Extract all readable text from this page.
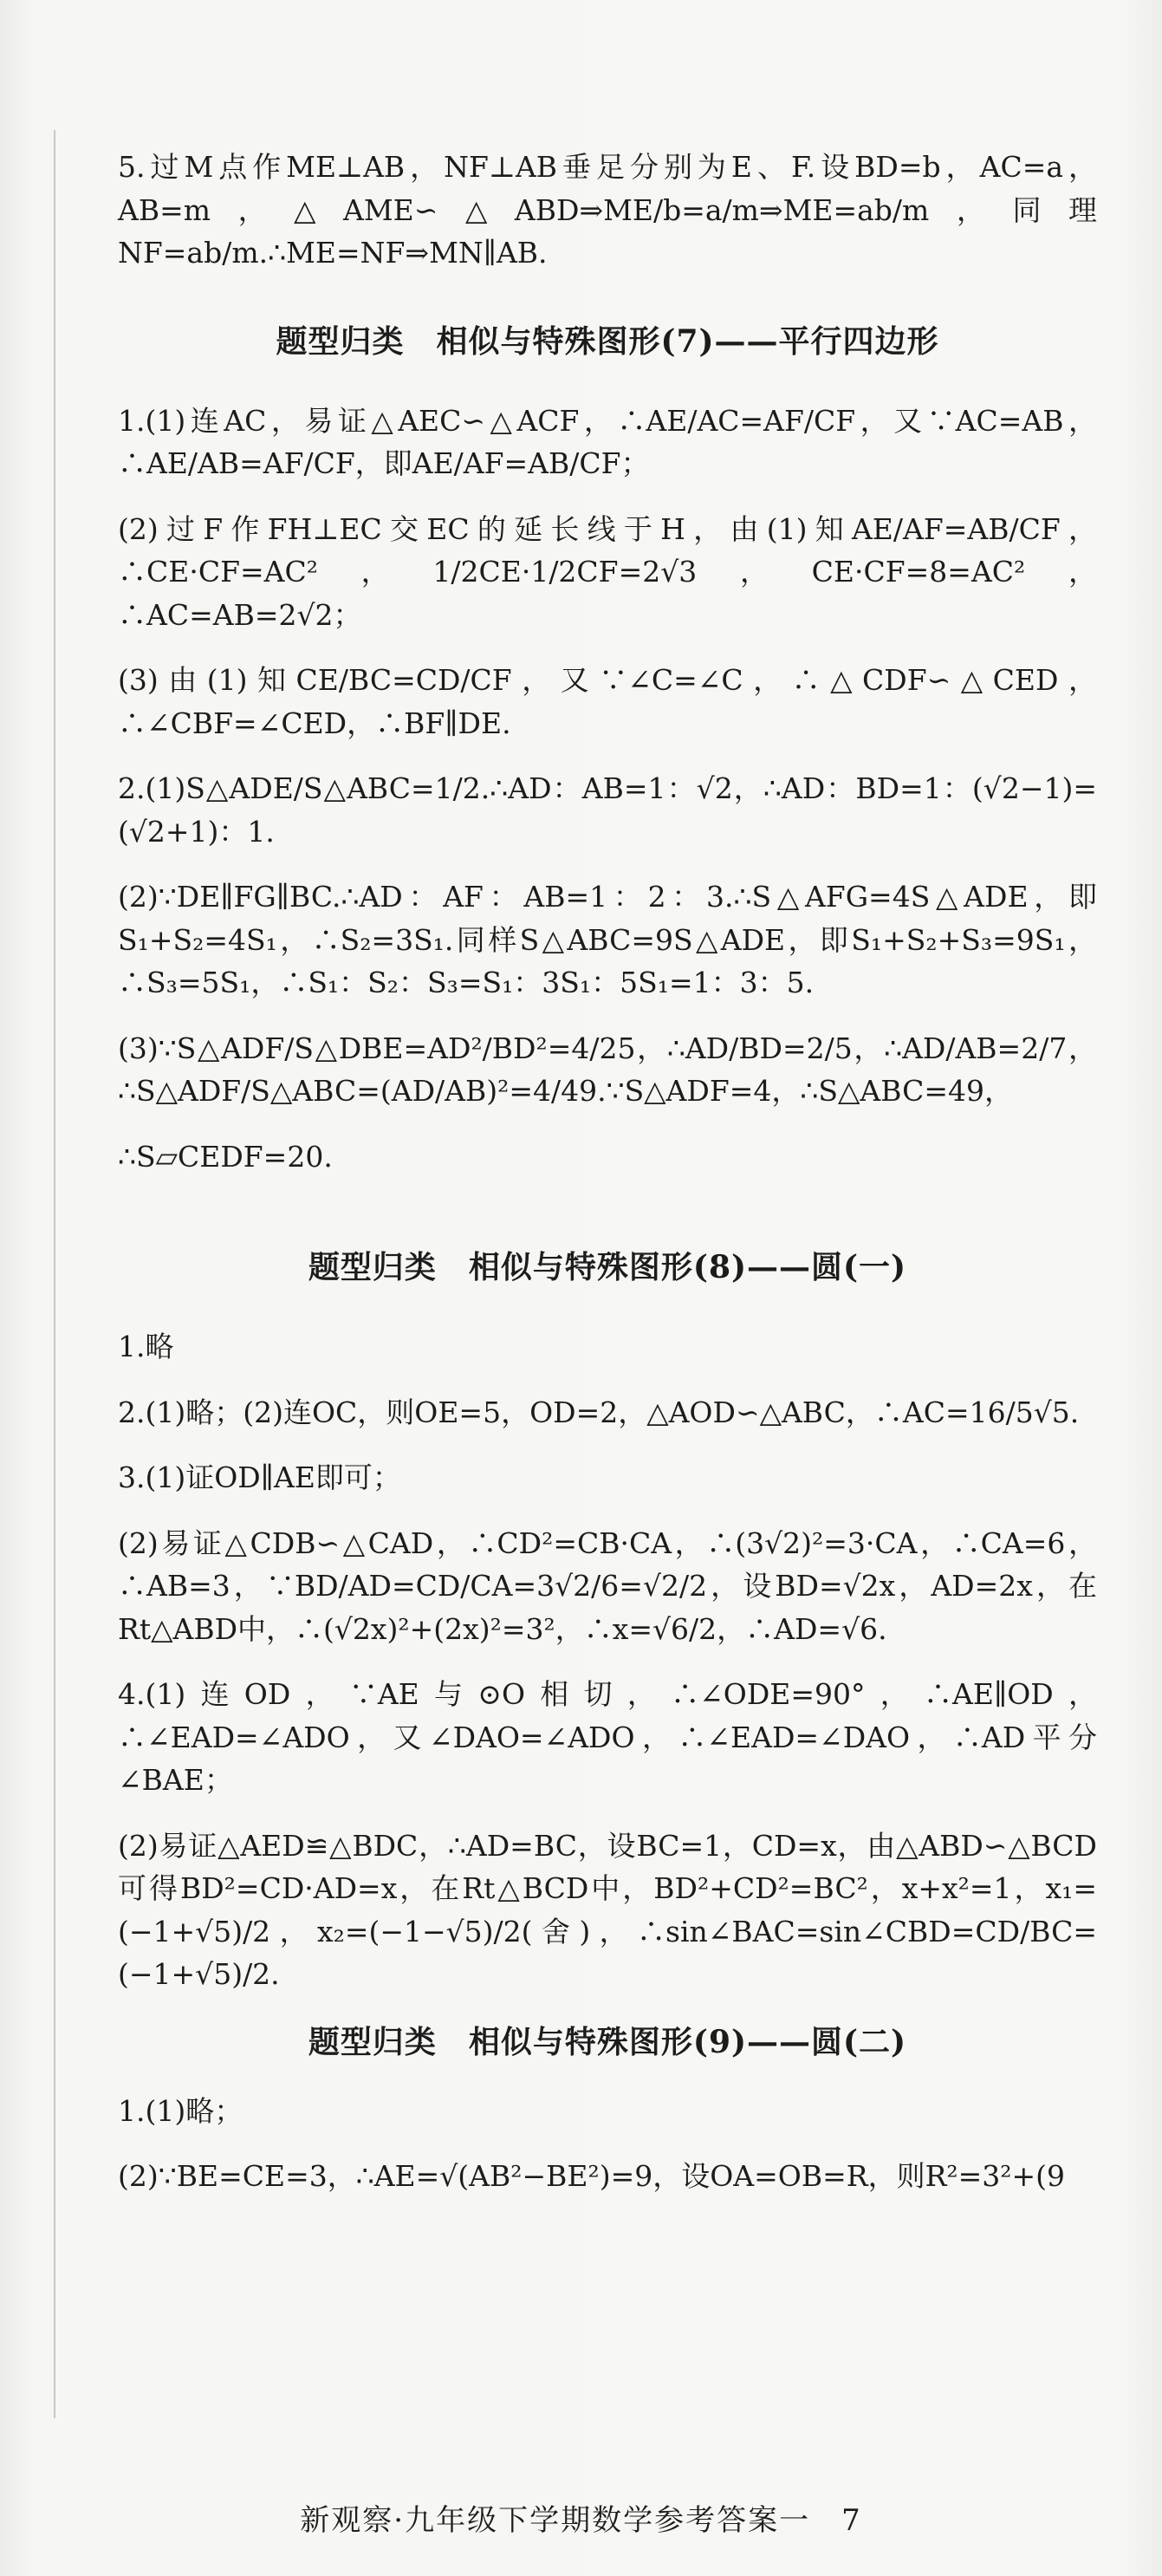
5.过M点作ME⊥AB，NF⊥AB垂足分别为E、F.设BD=b，AC=a，AB=m，△AME∽△ABD⇒ME/b=a/m⇒ME=ab/m，同理NF=ab/m.∴ME=NF⇒MN∥AB.

题型归类　相似与特殊图形(7)——平行四边形

1.(1)连AC，易证△AEC∽△ACF，∴AE/AC=AF/CF，又∵AC=AB，∴AE/AB=AF/CF，即AE/AF=AB/CF；

(2)过F作FH⊥EC交EC的延长线于H，由(1)知AE/AF=AB/CF，∴CE·CF=AC²，1/2CE·1/2CF=2√3，CE·CF=8=AC²，∴AC=AB=2√2；

(3)由(1)知CE/BC=CD/CF，又∵∠C=∠C，∴△CDF∽△CED，∴∠CBF=∠CED，∴BF∥DE.

2.(1)S△ADE/S△ABC=1/2.∴AD：AB=1：√2，∴AD：BD=1：(√2−1)=(√2+1)：1.

(2)∵DE∥FG∥BC.∴AD：AF：AB=1：2：3.∴S△AFG=4S△ADE，即S₁+S₂=4S₁，∴S₂=3S₁.同样S△ABC=9S△ADE，即S₁+S₂+S₃=9S₁，∴S₃=5S₁，∴S₁：S₂：S₃=S₁：3S₁：5S₁=1：3：5.

(3)∵S△ADF/S△DBE=AD²/BD²=4/25，∴AD/BD=2/5，∴AD/AB=2/7，∴S△ADF/S△ABC=(AD/AB)²=4/49.∵S△ADF=4，∴S△ABC=49，

∴S▱CEDF=20.

题型归类　相似与特殊图形(8)——圆(一)

1.略

2.(1)略；(2)连OC，则OE=5，OD=2，△AOD∽△ABC，∴AC=16/5√5.

3.(1)证OD∥AE即可；

(2)易证△CDB∽△CAD，∴CD²=CB·CA，∴(3√2)²=3·CA，∴CA=6，∴AB=3，∵BD/AD=CD/CA=3√2/6=√2/2，设BD=√2x，AD=2x，在Rt△ABD中，∴(√2x)²+(2x)²=3²，∴x=√6/2，∴AD=√6.

4.(1)连OD，∵AE与⊙O相切，∴∠ODE=90°，∴AE∥OD，∴∠EAD=∠ADO，又∠DAO=∠ADO，∴∠EAD=∠DAO，∴AD平分∠BAE；

(2)易证△AED≌△BDC，∴AD=BC，设BC=1，CD=x，由△ABD∽△BCD可得BD²=CD·AD=x，在Rt△BCD中，BD²+CD²=BC²，x+x²=1，x₁=(−1+√5)/2，x₂=(−1−√5)/2(舍)，∴sin∠BAC=sin∠CBD=CD/BC=(−1+√5)/2.

题型归类　相似与特殊图形(9)——圆(二)

1.(1)略；

(2)∵BE=CE=3，∴AE=√(AB²−BE²)=9，设OA=OB=R，则R²=3²+(9

新观察·九年级下学期数学参考答案一　7
